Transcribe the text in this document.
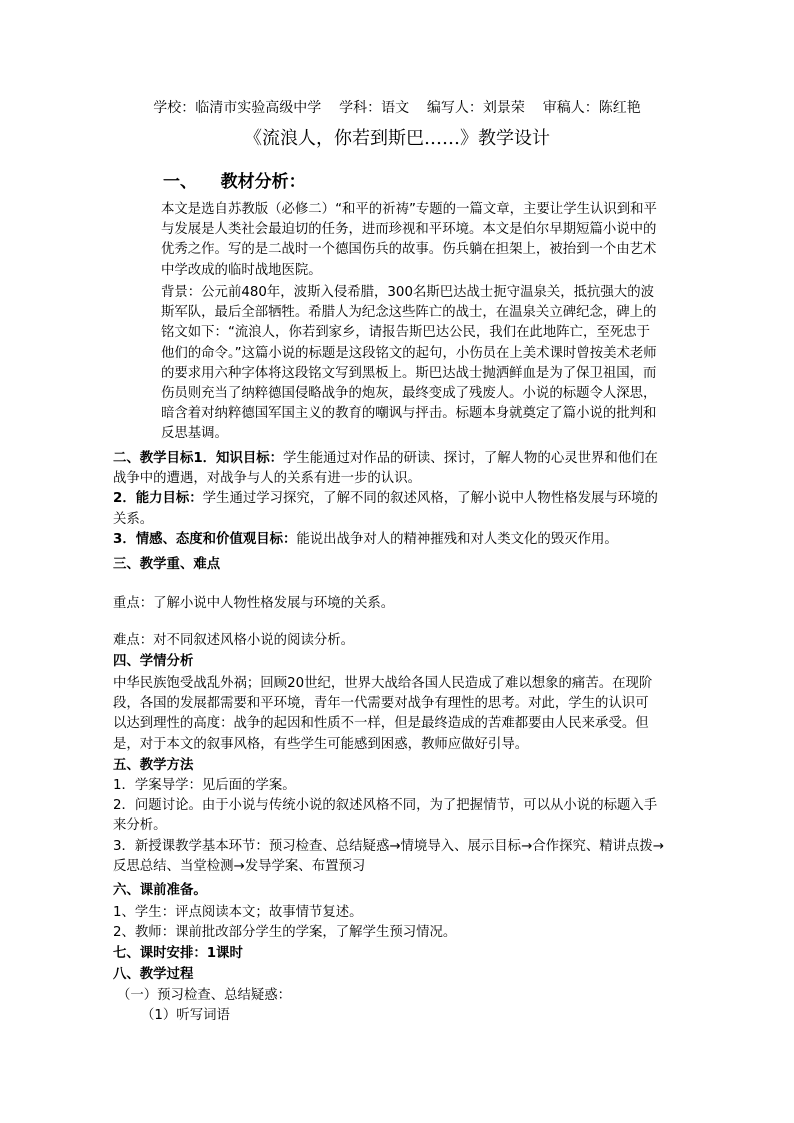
学校：临清市实验高级中学    学科：语文    编写人：刘景荣    审稿人：陈红艳
《流浪人，你若到斯巴……》教学设计
一、    教材分析：
本文是选自苏教版（必修二）“和平的祈祷”专题的一篇文章，主要让学生认识到和平
与发展是人类社会最迫切的任务，进而珍视和平环境。本文是伯尔早期短篇小说中的
优秀之作。写的是二战时一个德国伤兵的故事。伤兵躺在担架上，被抬到一个由艺术
中学改成的临时战地医院。
背景：公元前480年，波斯入侵希腊，300名斯巴达战士扼守温泉关，抵抗强大的波
斯军队，最后全部牺牲。希腊人为纪念这些阵亡的战士，在温泉关立碑纪念，碑上的
铭文如下：“流浪人，你若到家乡，请报告斯巴达公民，我们在此地阵亡，至死忠于
他们的命令。”这篇小说的标题是这段铭文的起句，小伤员在上美术课时曾按美术老师
的要求用六种字体将这段铭文写到黑板上。斯巴达战士抛洒鲜血是为了保卫祖国，而
伤员则充当了纳粹德国侵略战争的炮灰，最终变成了残废人。小说的标题令人深思，
暗含着对纳粹德国军国主义的教育的嘲讽与抨击。标题本身就奠定了篇小说的批判和
反思基调。
二、教学目标1．知识目标：学生能通过对作品的研读、探讨，了解人物的心灵世界和他们在
战争中的遭遇，对战争与人的关系有进一步的认识。
2．能力目标：学生通过学习探究，了解不同的叙述风格，了解小说中人物性格发展与环境的
关系。
3．情感、态度和价值观目标：能说出战争对人的精神摧残和对人类文化的毁灭作用。
三、教学重、难点
重点：了解小说中人物性格发展与环境的关系。
难点：对不同叙述风格小说的阅读分析。
四、学情分析
中华民族饱受战乱外祸；回顾20世纪，世界大战给各国人民造成了难以想象的痛苦。在现阶
段，各国的发展都需要和平环境，青年一代需要对战争有理性的思考。对此，学生的认识可
以达到理性的高度：战争的起因和性质不一样，但是最终造成的苦难都要由人民来承受。但
是，对于本文的叙事风格，有些学生可能感到困惑，教师应做好引导。
五、教学方法
1．学案导学：见后面的学案。
2．问题讨论。由于小说与传统小说的叙述风格不同，为了把握情节，可以从小说的标题入手
来分析。
3．新授课教学基本环节：预习检查、总结疑惑→情境导入、展示目标→合作探究、精讲点拨→
反思总结、当堂检测→发导学案、布置预习
六、课前准备。
1、学生：评点阅读本文；故事情节复述。
2、教师：课前批改部分学生的学案，了解学生预习情况。
七、课时安排：1课时
八、教学过程
（一）预习检查、总结疑惑：
（1）听写词语
